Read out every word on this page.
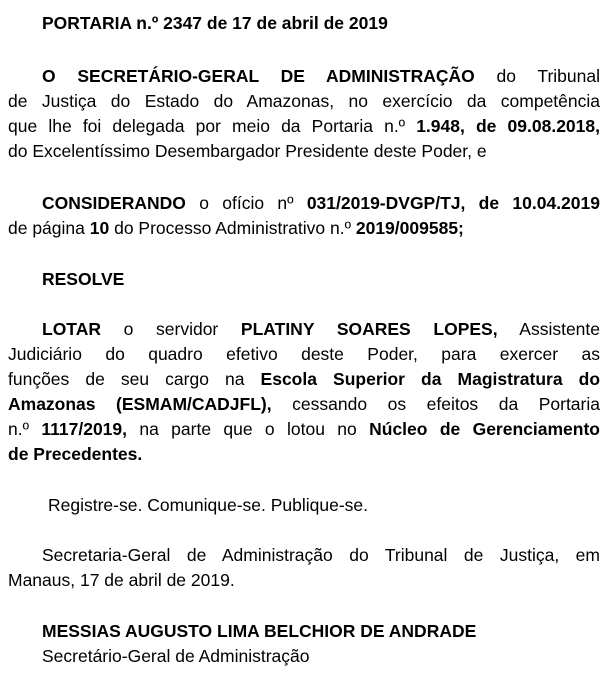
PORTARIA n.º 2347 de 17 de abril de 2019
O SECRETÁRIO-GERAL DE ADMINISTRAÇÃO do Tribunal
de Justiça do Estado do Amazonas, no exercício da competência
que lhe foi delegada por meio da Portaria n.º 1.948, de 09.08.2018,
do Excelentíssimo Desembargador Presidente deste Poder, e
CONSIDERANDO o ofício nº 031/2019-DVGP/TJ, de 10.04.2019
de página 10 do Processo Administrativo n.º 2019/009585;
RESOLVE
LOTAR o servidor PLATINY SOARES LOPES, Assistente
Judiciário do quadro efetivo deste Poder, para exercer as
funções de seu cargo na Escola Superior da Magistratura do
Amazonas (ESMAM/CADJFL), cessando os efeitos da Portaria
n.º 1117/2019, na parte que o lotou no Núcleo de Gerenciamento
de Precedentes.
Registre-se. Comunique-se. Publique-se.
Secretaria-Geral de Administração do Tribunal de Justiça, em
Manaus, 17 de abril de 2019.
MESSIAS AUGUSTO LIMA BELCHIOR DE ANDRADE
Secretário-Geral de Administração
